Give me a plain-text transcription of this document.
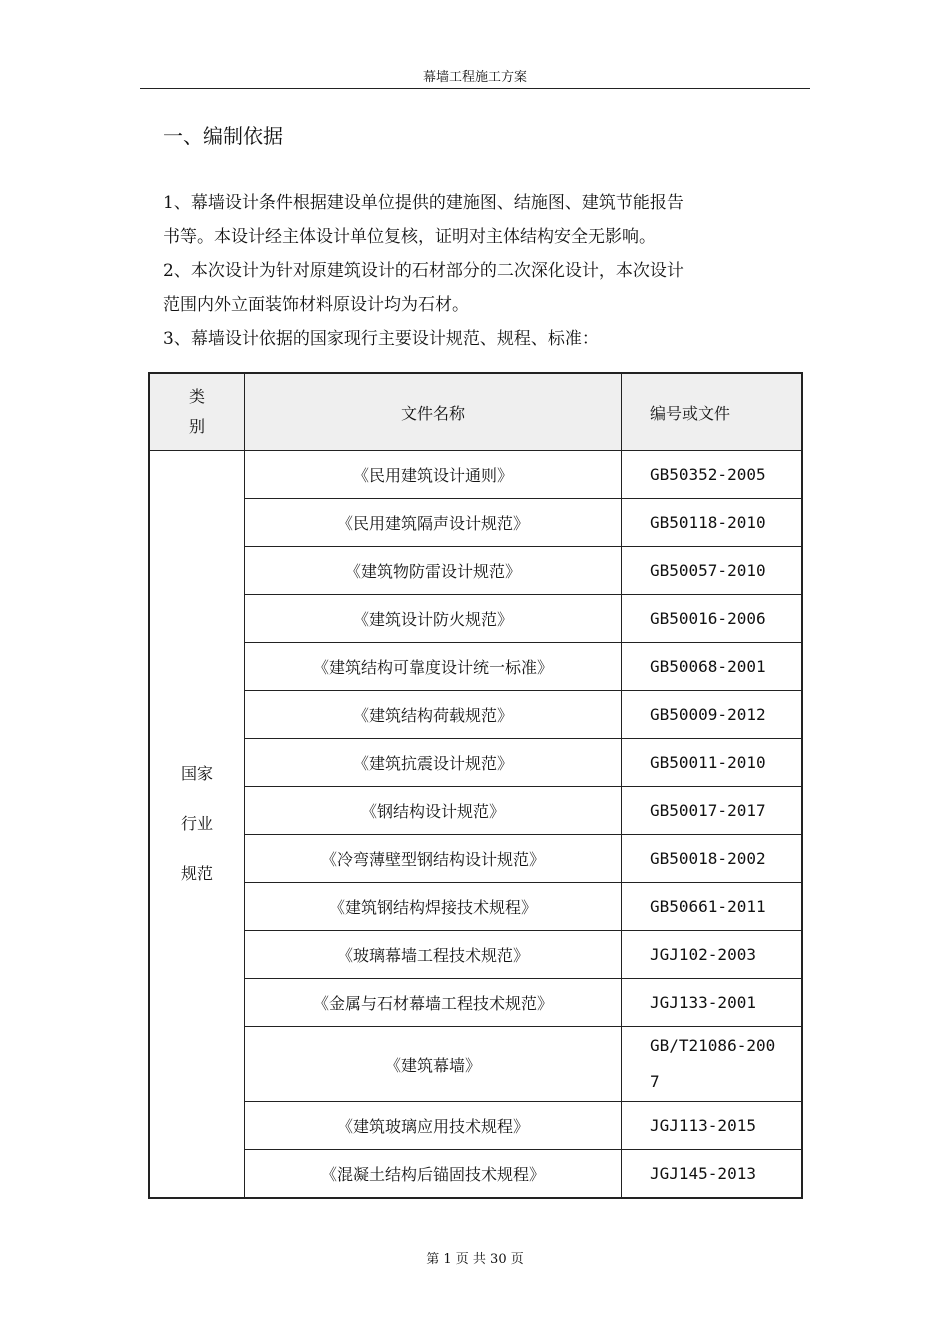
幕墙工程施工方案
一、编制依据

1、幕墙设计条件根据建设单位提供的建施图、结施图、建筑节能报告

书等。本设计经主体设计单位复核，证明对主体结构安全无影响。

2、本次设计为针对原建筑设计的石材部分的二次深化设计，本次设计

范围内外立面装饰材料原设计均为石材。

3、幕墙设计依据的国家现行主要设计规范、规程、标准：

类
别	文件名称	编号或文件

国家
行业
规范	《民用建筑设计通则》	GB50352-2005
	《民用建筑隔声设计规范》	GB50118-2010
	《建筑物防雷设计规范》	GB50057-2010
	《建筑设计防火规范》	GB50016-2006
	《建筑结构可靠度设计统一标准》	GB50068-2001
	《建筑结构荷载规范》	GB50009-2012
	《建筑抗震设计规范》	GB50011-2010
	《钢结构设计规范》	GB50017-2017
	《冷弯薄壁型钢结构设计规范》	GB50018-2002
	《建筑钢结构焊接技术规程》	GB50661-2011
	《玻璃幕墙工程技术规范》	JGJ102-2003
	《金属与石材幕墙工程技术规范》	JGJ133-2001
	《建筑幕墙》	GB/T21086-2007
	《建筑玻璃应用技术规程》	JGJ113-2015
	《混凝土结构后锚固技术规程》	JGJ145-2013
第 1 页 共 30 页
